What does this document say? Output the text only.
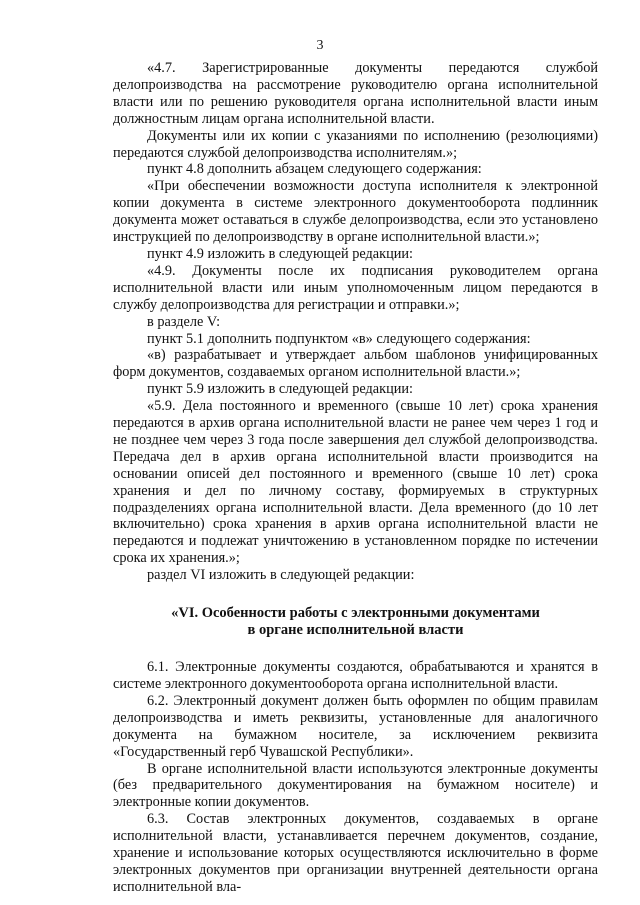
3

«4.7. Зарегистрированные документы передаются службой делопроизводства на рассмотрение руководителю органа исполнительной власти или по решению руководителя органа исполнительной власти иным должностным лицам органа исполнительной власти.

Документы или их копии с указаниями по исполнению (резолюциями) передаются службой делопроизводства исполнителям.»;

пункт 4.8 дополнить абзацем следующего содержания:

«При обеспечении возможности доступа исполнителя к электронной копии документа в системе электронного документооборота подлинник документа может оставаться в службе делопроизводства, если это установлено инструкцией по делопроизводству в органе исполнительной власти.»;

пункт 4.9 изложить в следующей редакции:

«4.9. Документы после их подписания руководителем органа исполнительной власти или иным уполномоченным лицом передаются в службу делопроизводства для регистрации и отправки.»;

в разделе V:

пункт 5.1 дополнить подпунктом «в» следующего содержания:

«в) разрабатывает и утверждает альбом шаблонов унифицированных форм документов, создаваемых органом исполнительной власти.»;

пункт 5.9 изложить в следующей редакции:

«5.9. Дела постоянного и временного (свыше 10 лет) срока хранения передаются в архив органа исполнительной власти не ранее чем через 1 год и не позднее чем через 3 года после завершения дел службой делопроизводства. Передача дел в архив органа исполнительной власти производится на основании описей дел постоянного и временного (свыше 10 лет) срока хранения и дел по личному составу, формируемых в структурных подразделениях органа исполнительной власти. Дела временного (до 10 лет включительно) срока хранения в архив органа исполнительной власти не передаются и подлежат уничтожению в установленном порядке по истечении срока их хранения.»;

раздел VI изложить в следующей редакции:

«VI. Особенности работы с электронными документами
в органе исполнительной власти

6.1. Электронные документы создаются, обрабатываются и хранятся в системе электронного документооборота органа исполнительной власти.

6.2. Электронный документ должен быть оформлен по общим правилам делопроизводства и иметь реквизиты, установленные для аналогичного документа на бумажном носителе, за исключением реквизита «Государственный герб Чувашской Республики».

В органе исполнительной власти используются электронные документы (без предварительного документирования на бумажном носителе) и электронные копии документов.

6.3. Состав электронных документов, создаваемых в органе исполнительной власти, устанавливается перечнем документов, создание, хранение и использование которых осуществляются исключительно в форме электронных документов при организации внутренней деятельности органа исполнительной вла-
